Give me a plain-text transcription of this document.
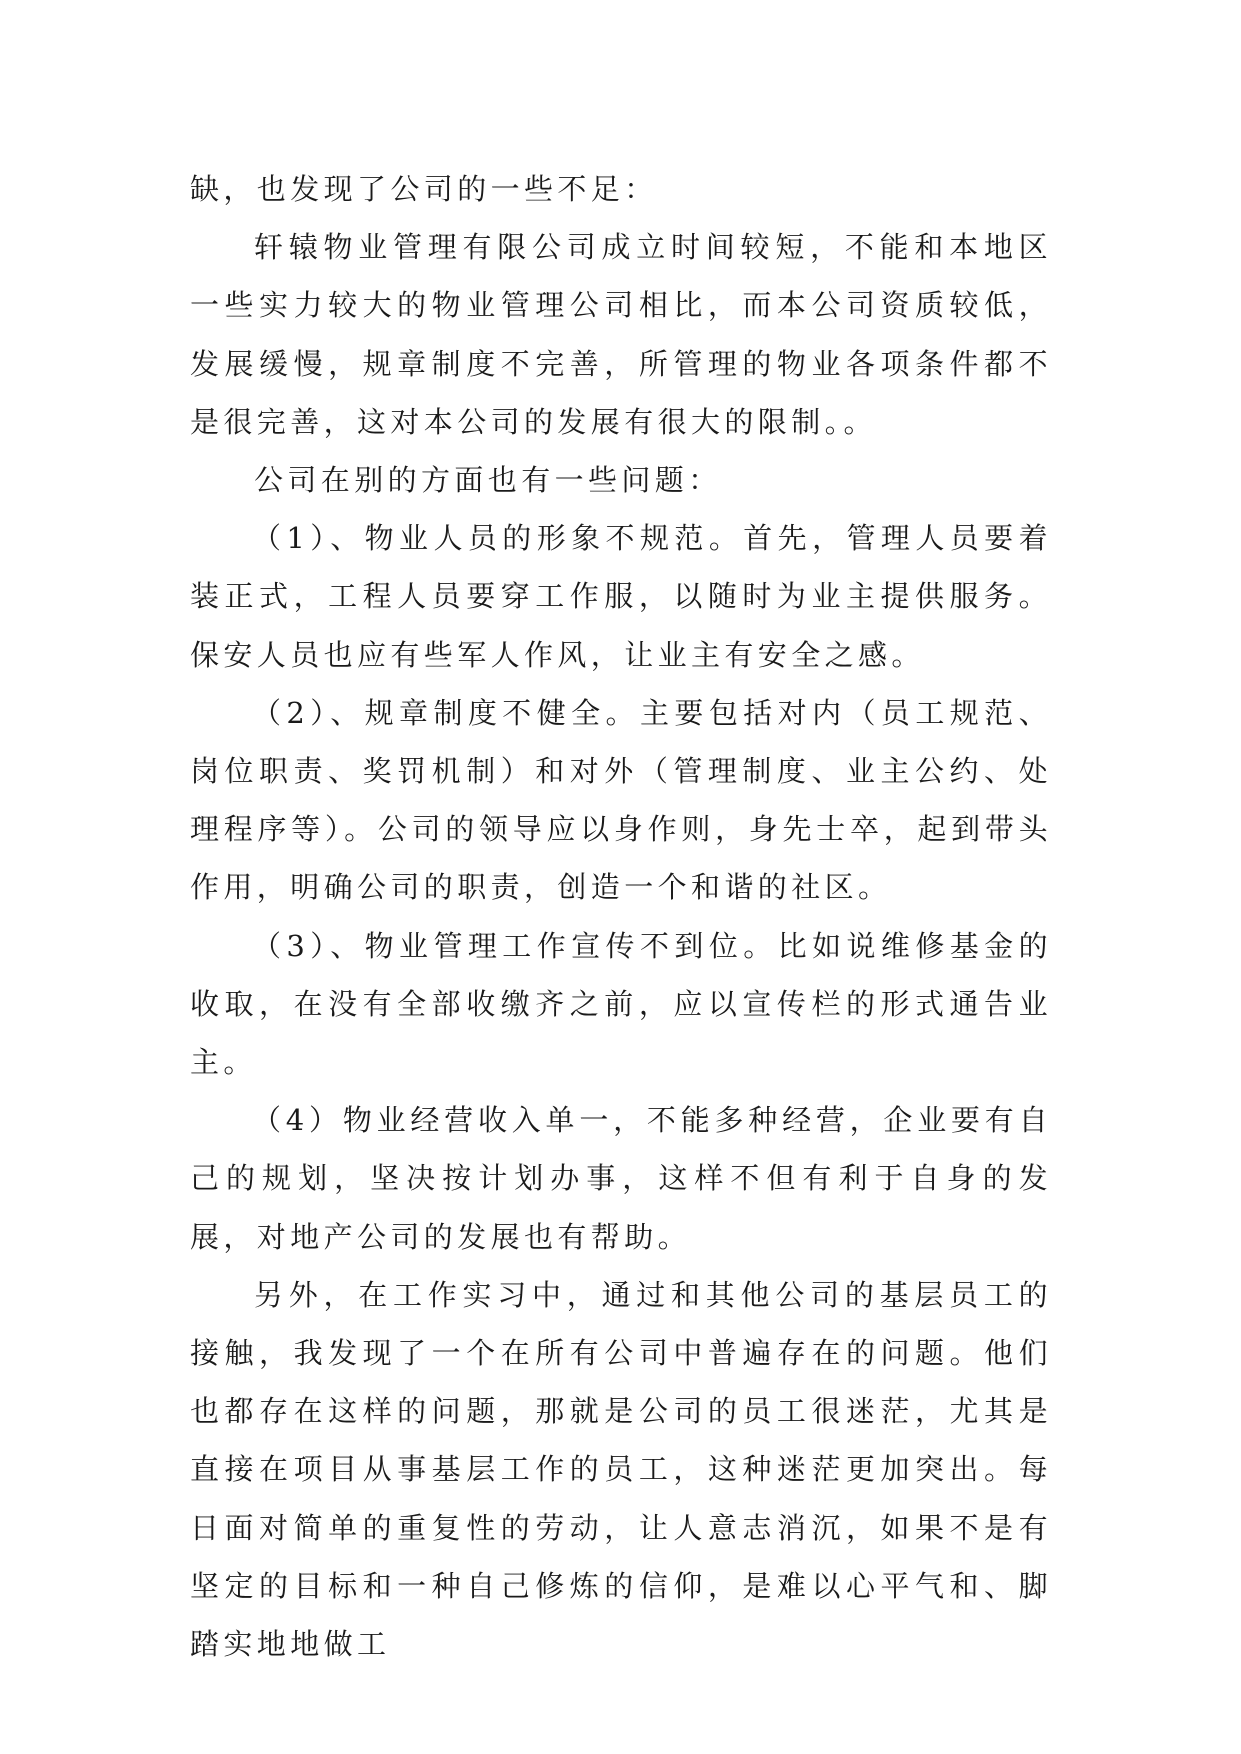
缺，也发现了公司的一些不足：

轩辕物业管理有限公司成立时间较短，不能和本地区一些实力较大的物业管理公司相比，而本公司资质较低，发展缓慢，规章制度不完善，所管理的物业各项条件都不是很完善，这对本公司的发展有很大的限制。。

公司在别的方面也有一些问题：

（1）、物业人员的形象不规范。首先，管理人员要着装正式，工程人员要穿工作服，以随时为业主提供服务。保安人员也应有些军人作风，让业主有安全之感。

（2）、规章制度不健全。主要包括对内（员工规范、岗位职责、奖罚机制）和对外（管理制度、业主公约、处理程序等）。公司的领导应以身作则，身先士卒，起到带头作用，明确公司的职责，创造一个和谐的社区。

（3）、物业管理工作宣传不到位。比如说维修基金的收取，在没有全部收缴齐之前，应以宣传栏的形式通告业主。

（4）物业经营收入单一，不能多种经营，企业要有自己的规划，坚决按计划办事，这样不但有利于自身的发展，对地产公司的发展也有帮助。

另外，在工作实习中，通过和其他公司的基层员工的接触，我发现了一个在所有公司中普遍存在的问题。他们也都存在这样的问题，那就是公司的员工很迷茫，尤其是直接在项目从事基层工作的员工，这种迷茫更加突出。每日面对简单的重复性的劳动，让人意志消沉，如果不是有坚定的目标和一种自己修炼的信仰，是难以心平气和、脚踏实地地做工
